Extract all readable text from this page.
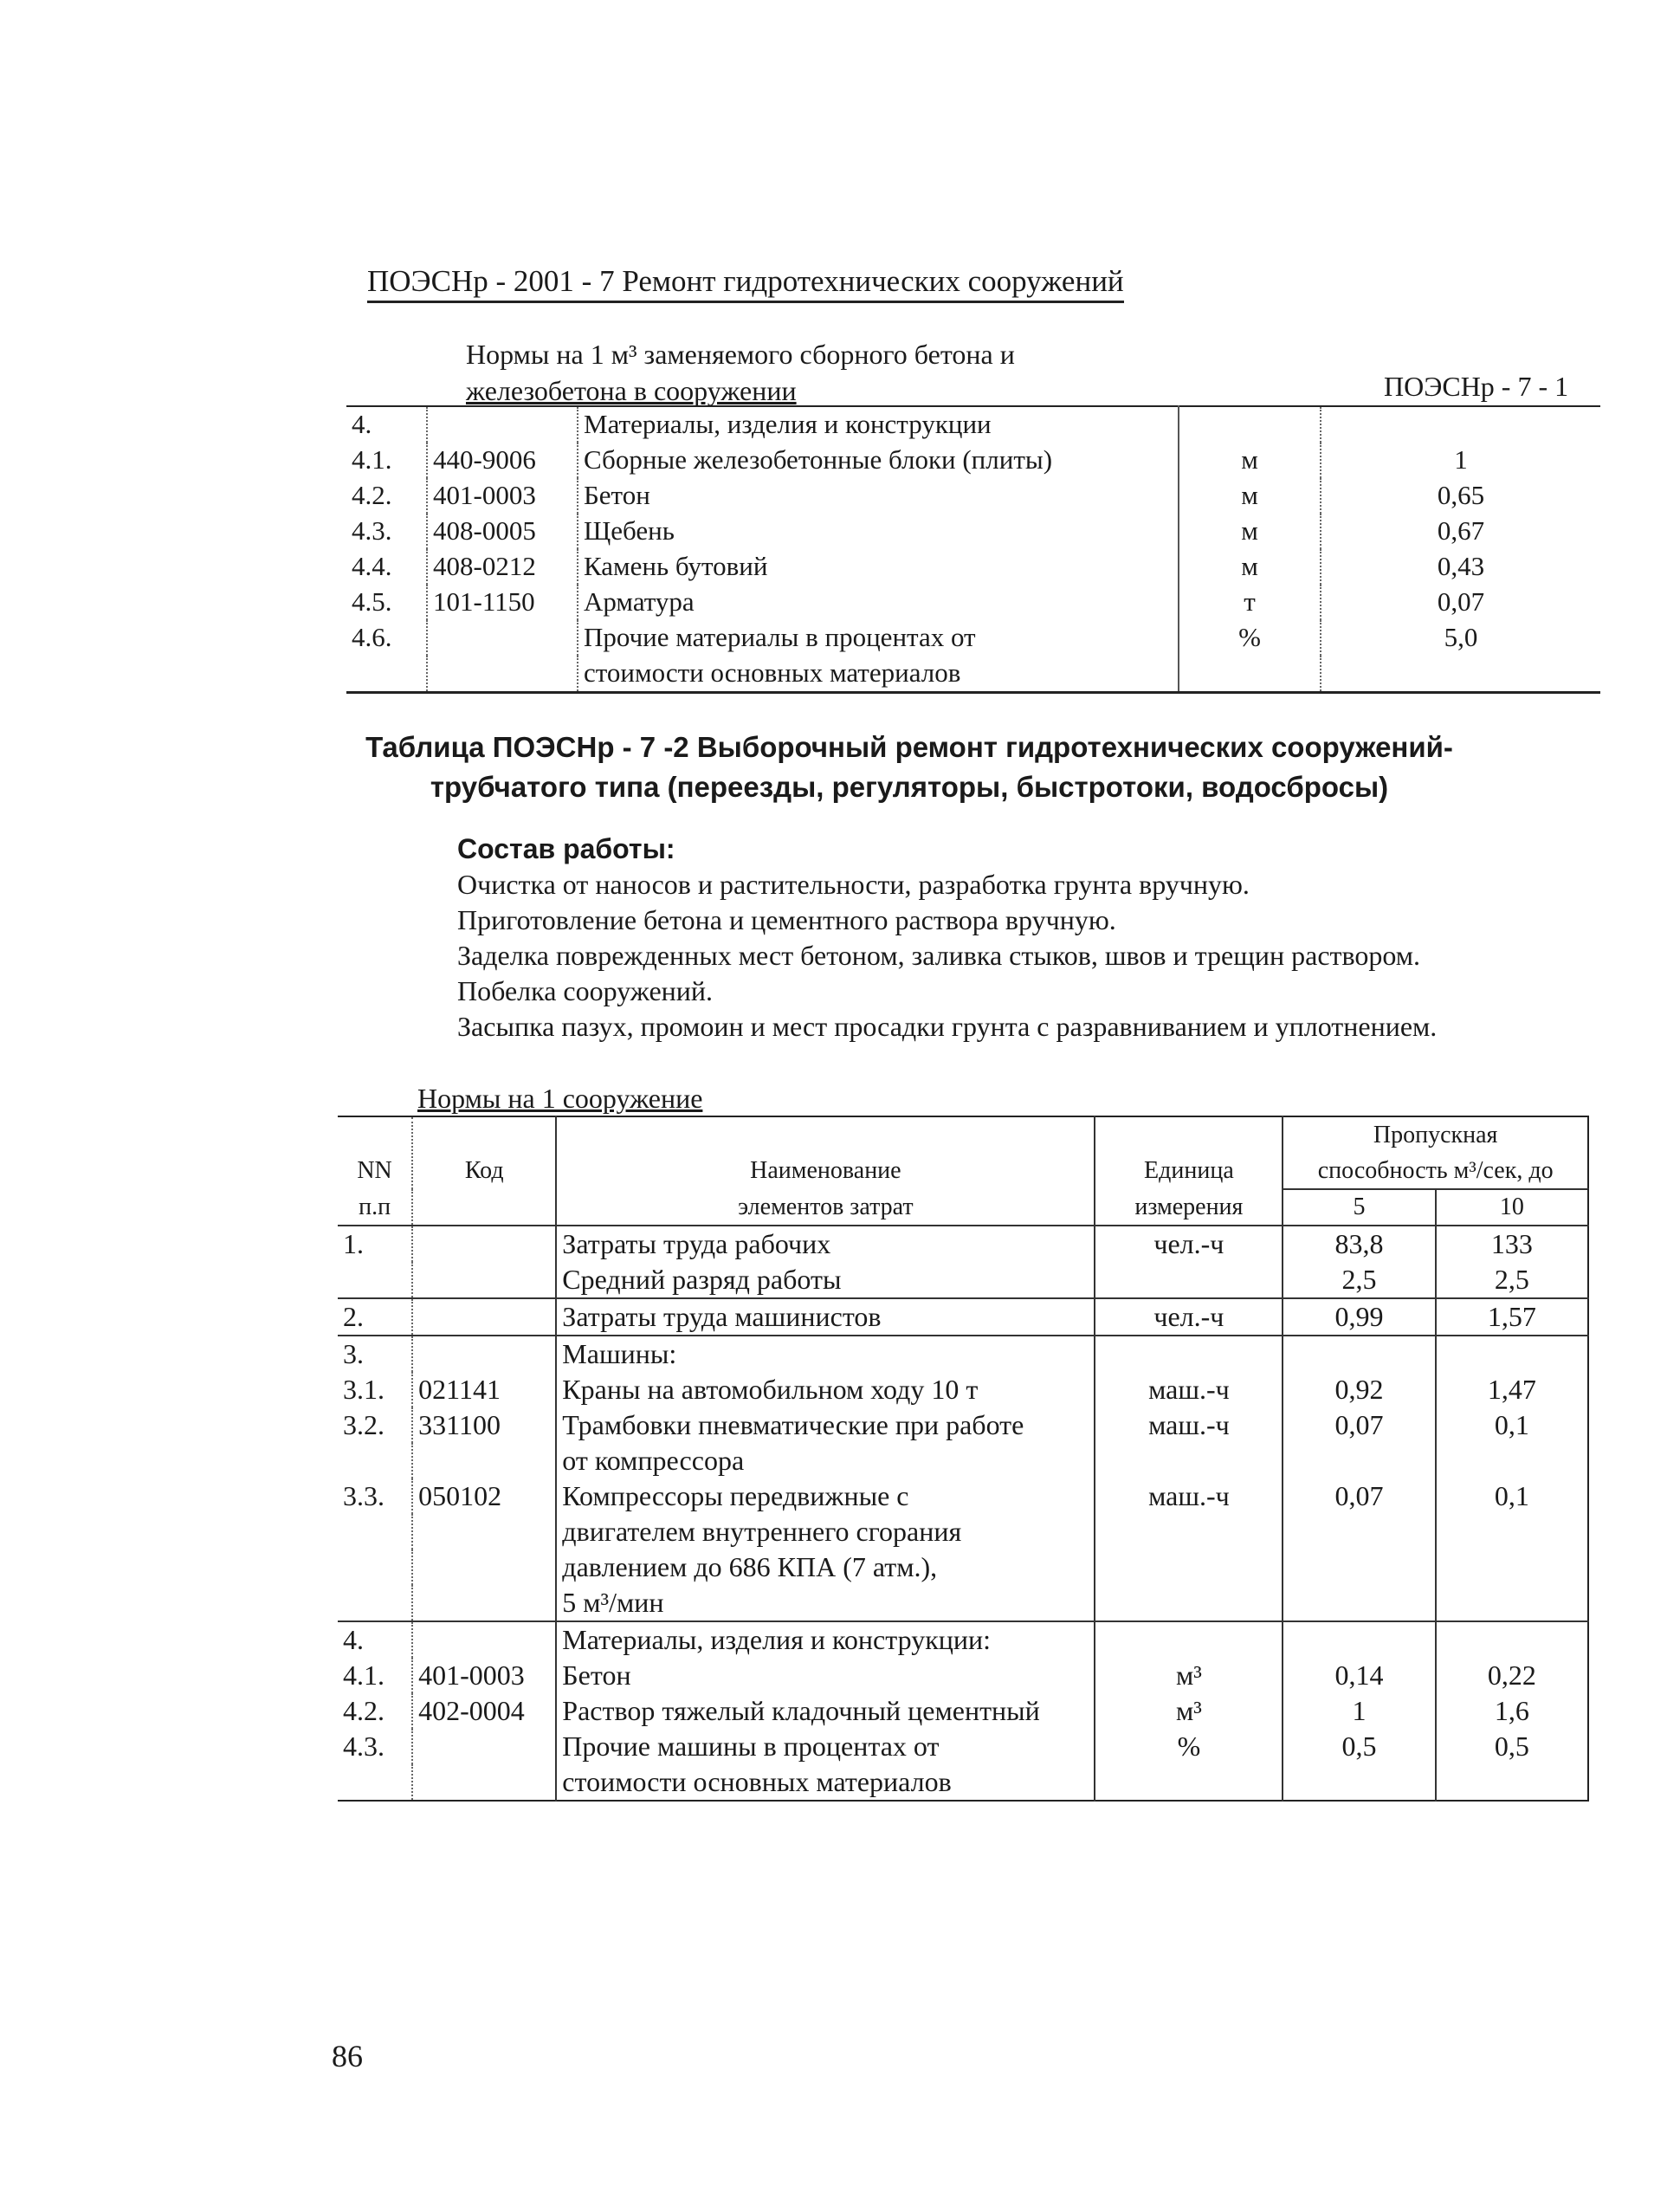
ПОЭСНр - 2001 - 7 Ремонт гидротехнических сооружений
Нормы на 1 м³ заменяемого сборного бетона и
железобетона в сооружении	ПОЭСНр - 7 - 1
4.		Материалы, изделия и конструкции		
4.1.	440-9006	Сборные железобетонные блоки (плиты)	м	1
4.2.	401-0003	Бетон	м	0,65
4.3.	408-0005	Щебень	м	0,67
4.4.	408-0212	Камень бутовий	м	0,43
4.5.	101-1150	Арматура	т	0,07
4.6.		Прочие материалы в процентах от	%	5,0
		стоимости основных материалов		
Таблица ПОЭСНр - 7 -2 Выборочный ремонт гидротехнических сооружений-
трубчатого типа (переезды, регуляторы, быстротоки, водосбросы)
Состав работы:
Очистка от наносов и растительности, разработка грунта вручную.
Приготовление бетона и цементного раствора вручную.
Заделка поврежденных мест бетоном, заливка стыков, швов и трещин раствором.
Побелка сооружений.
Засыпка пазух, промоин и мест просадки грунта с разравниванием и уплотнением.
Нормы на 1 сооружение
NN	Код	Наименование	Единица	Пропускная
способность м³/сек, до	

п.п		элементов затрат	измерения	5	10
1.		Затраты труда рабочих	чел.-ч	83,8	133
		Средний разряд работы		2,5	2,5

2.		Затраты труда машинистов	чел.-ч	0,99	1,57

3.		Машины:			
3.1.	021141	Краны на автомобильном ходу 10 т	маш.-ч	0,92	1,47
3.2.	331100	Трамбовки пневматические при работе	маш.-ч	0,07	0,1
		от компрессора			
3.3.	050102	Компрессоры передвижные с	маш.-ч	0,07	0,1
		двигателем внутреннего сгорания			
		давлением до 686 КПА (7 атм.),			
		5 м³/мин			
4.		Материалы, изделия и конструкции:			
4.1.	401-0003	Бетон	м³	0,14	0,22
4.2.	402-0004	Раствор тяжелый кладочный цементный	м³	1	1,6
4.3.		Прочие машины в процентах от	%	0,5	0,5
		стоимости основных материалов			
86
